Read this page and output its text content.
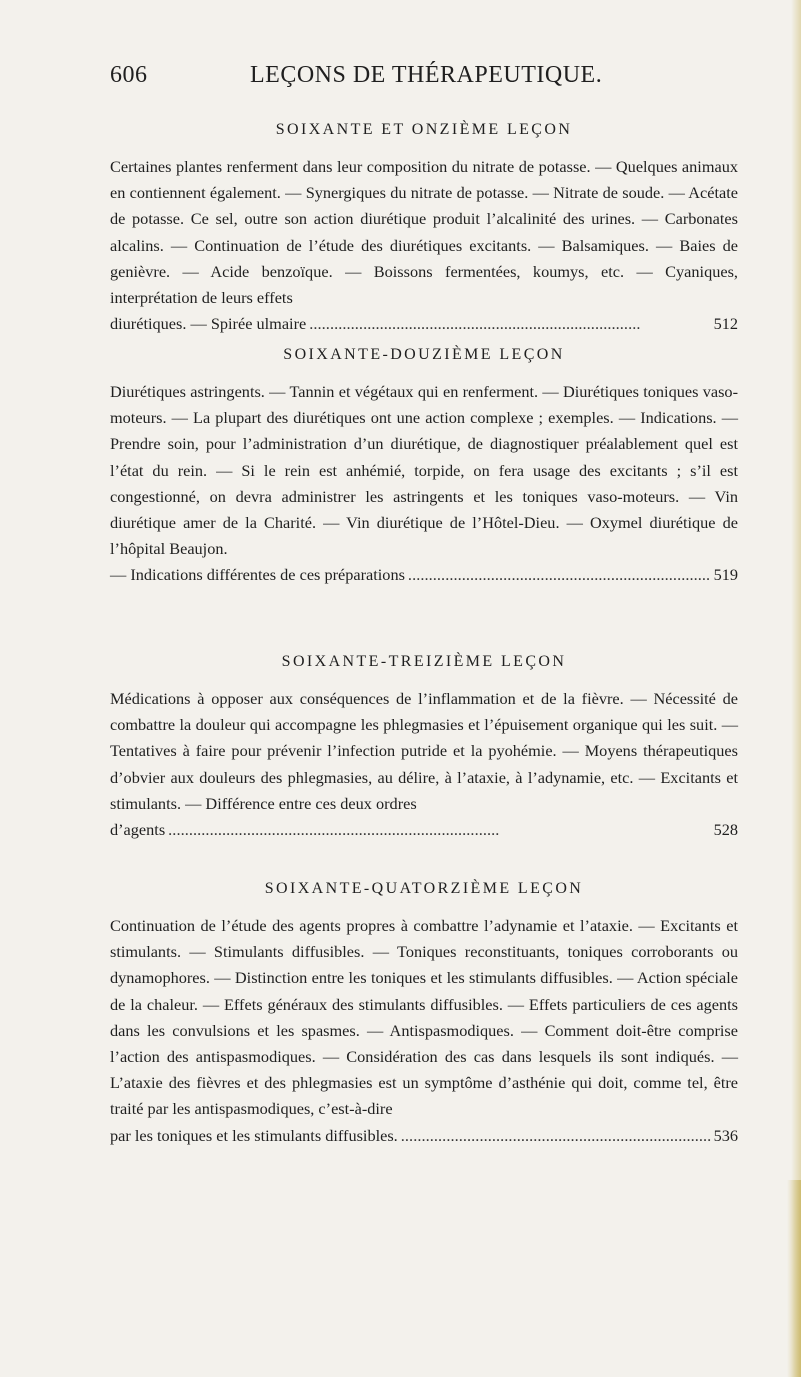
606	LEÇONS DE THÉRAPEUTIQUE.
SOIXANTE ET ONZIÈME LEÇON
Certaines plantes renferment dans leur composition du nitrate de potasse. — Quelques animaux en contiennent également. — Synergiques du nitrate de potasse. — Nitrate de soude. — Acétate de potasse. Ce sel, outre son action diurétique produit l’alcalinité des urines. — Carbonates alcalins. — Continuation de l’étude des diurétiques excitants. — Balsamiques. — Baies de genièvre. — Acide benzoïque. — Boissons fermentées, koumys, etc. — Cyaniques, interprétation de leurs effets
diurétiques. — Spirée ulmaire . . .	512
SOIXANTE-DOUZIÈME LEÇON
Diurétiques astringents. — Tannin et végétaux qui en renferment. — Diurétiques toniques vaso-moteurs. — La plupart des diurétiques ont une action complexe ; exemples. — Indications. — Prendre soin, pour l’administration d’un diurétique, de diagnostiquer préalablement quel est l’état du rein. — Si le rein est anhémié, torpide, on fera usage des excitants ; s’il est congestionné, on devra administrer les astringents et les toniques vaso-moteurs. — Vin diurétique amer de la Charité. — Vin diurétique de l’Hôtel-Dieu. — Oxymel diurétique de l’hôpital Beaujon.
— Indications différentes de ces préparations . . .	519
SOIXANTE-TREIZIÈME LEÇON
Médications à opposer aux conséquences de l’inflammation et de la fièvre. — Nécessité de combattre la douleur qui accompagne les phlegmasies et l’épuisement organique qui les suit. — Tentatives à faire pour prévenir l’infection putride et la pyohémie. — Moyens thérapeutiques d’obvier aux douleurs des phlegmasies, au délire, à l’ataxie, à l’adynamie, etc. — Excitants et stimulants. — Différence entre ces deux ordres
d’agents . . .	528
SOIXANTE-QUATORZIÈME LEÇON
Continuation de l’étude des agents propres à combattre l’adynamie et l’ataxie. — Excitants et stimulants. — Stimulants diffusibles. — Toniques reconstituants, toniques corroborants ou dynamophores. — Distinction entre les toniques et les stimulants diffusibles. — Action spéciale de la chaleur. — Effets généraux des stimulants diffusibles. — Effets particuliers de ces agents dans les convulsions et les spasmes. — Antispasmodiques. — Comment doit-être comprise l’action des antispasmodiques. — Considération des cas dans lesquels ils sont indiqués. — L’ataxie des fièvres et des phlegmasies est un symptôme d’asthénie qui doit, comme tel, être traité par les antispasmodiques, c’est-à-dire
par les toniques et les stimulants diffusibles. . . .	536
